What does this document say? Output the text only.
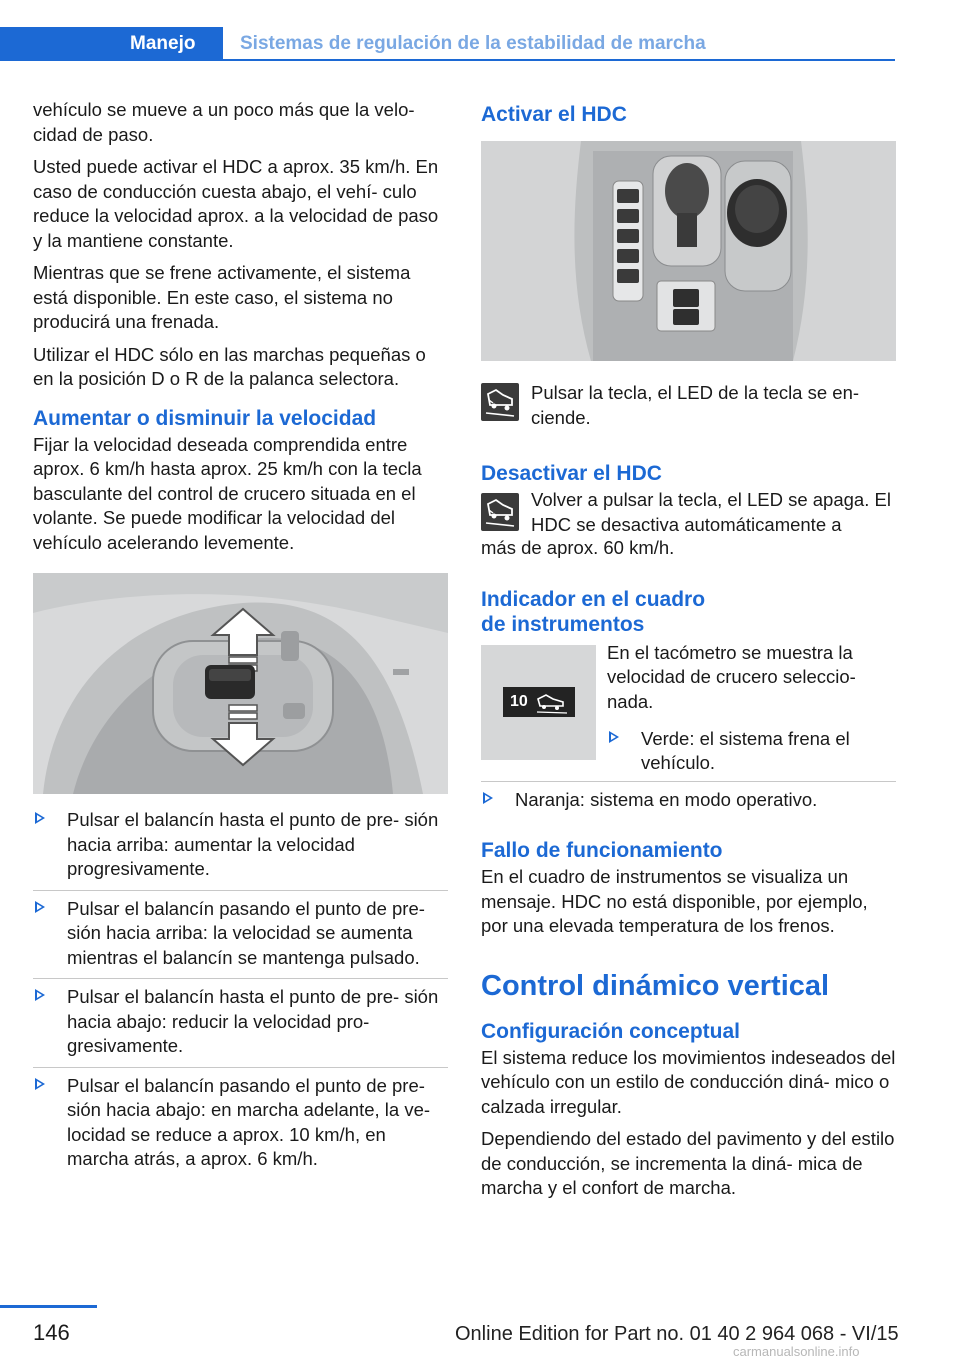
Manejo Sistemas de regulación de la estabilidad de marcha

vehículo se mueve a un poco más que la velo‐ cidad de paso.

Usted puede activar el HDC a aprox. 35 km/h. En caso de conducción cuesta abajo, el vehí‐ culo reduce la velocidad aprox. a la velocidad de paso y la mantiene constante.

Mientras que se frene activamente, el sistema está disponible. En este caso, el sistema no producirá una frenada.

Utilizar el HDC sólo en las marchas pequeñas o en la posición D o R de la palanca selectora.

Aumentar o disminuir la velocidad

Fijar la velocidad deseada comprendida entre aprox. 6 km/h hasta aprox. 25 km/h con la tecla basculante del control de crucero situada en el volante. Se puede modificar la velocidad del vehículo acelerando levemente.

Pulsar el balancín hasta el punto de pre‐ sión hacia arriba: aumentar la velocidad progresivamente.
Pulsar el balancín pasando el punto de pre‐ sión hacia arriba: la velocidad se aumenta mientras el balancín se mantenga pulsado.
Pulsar el balancín hasta el punto de pre‐ sión hacia abajo: reducir la velocidad pro‐ gresivamente.
Pulsar el balancín pasando el punto de pre‐ sión hacia abajo: en marcha adelante, la ve‐ locidad se reduce a aprox. 10 km/h, en marcha atrás, a aprox. 6 km/h.
Activar el HDC

Pulsar la tecla, el LED de la tecla se en‐ ciende.

Desactivar el HDC

Volver a pulsar la tecla, el LED se apaga. El HDC se desactiva automáticamente a

más de aprox. 60 km/h.

Indicador en el cuadro
de instrumentos
10

En el tacómetro se muestra la velocidad de crucero seleccio‐ nada.

Verde: el sistema frena el vehículo.
Naranja: sistema en modo operativo.
Fallo de funcionamiento

En el cuadro de instrumentos se visualiza un mensaje. HDC no está disponible, por ejemplo, por una elevada temperatura de los frenos.

Control dinámico vertical
Configuración conceptual

El sistema reduce los movimientos indeseados del vehículo con un estilo de conducción diná‐ mico o calzada irregular.

Dependiendo del estado del pavimento y del estilo de conducción, se incrementa la diná‐ mica de marcha y el confort de marcha.

146	Online Edition for Part no. 01 40 2 964 068 - VI/15
carmanualsonline.info
